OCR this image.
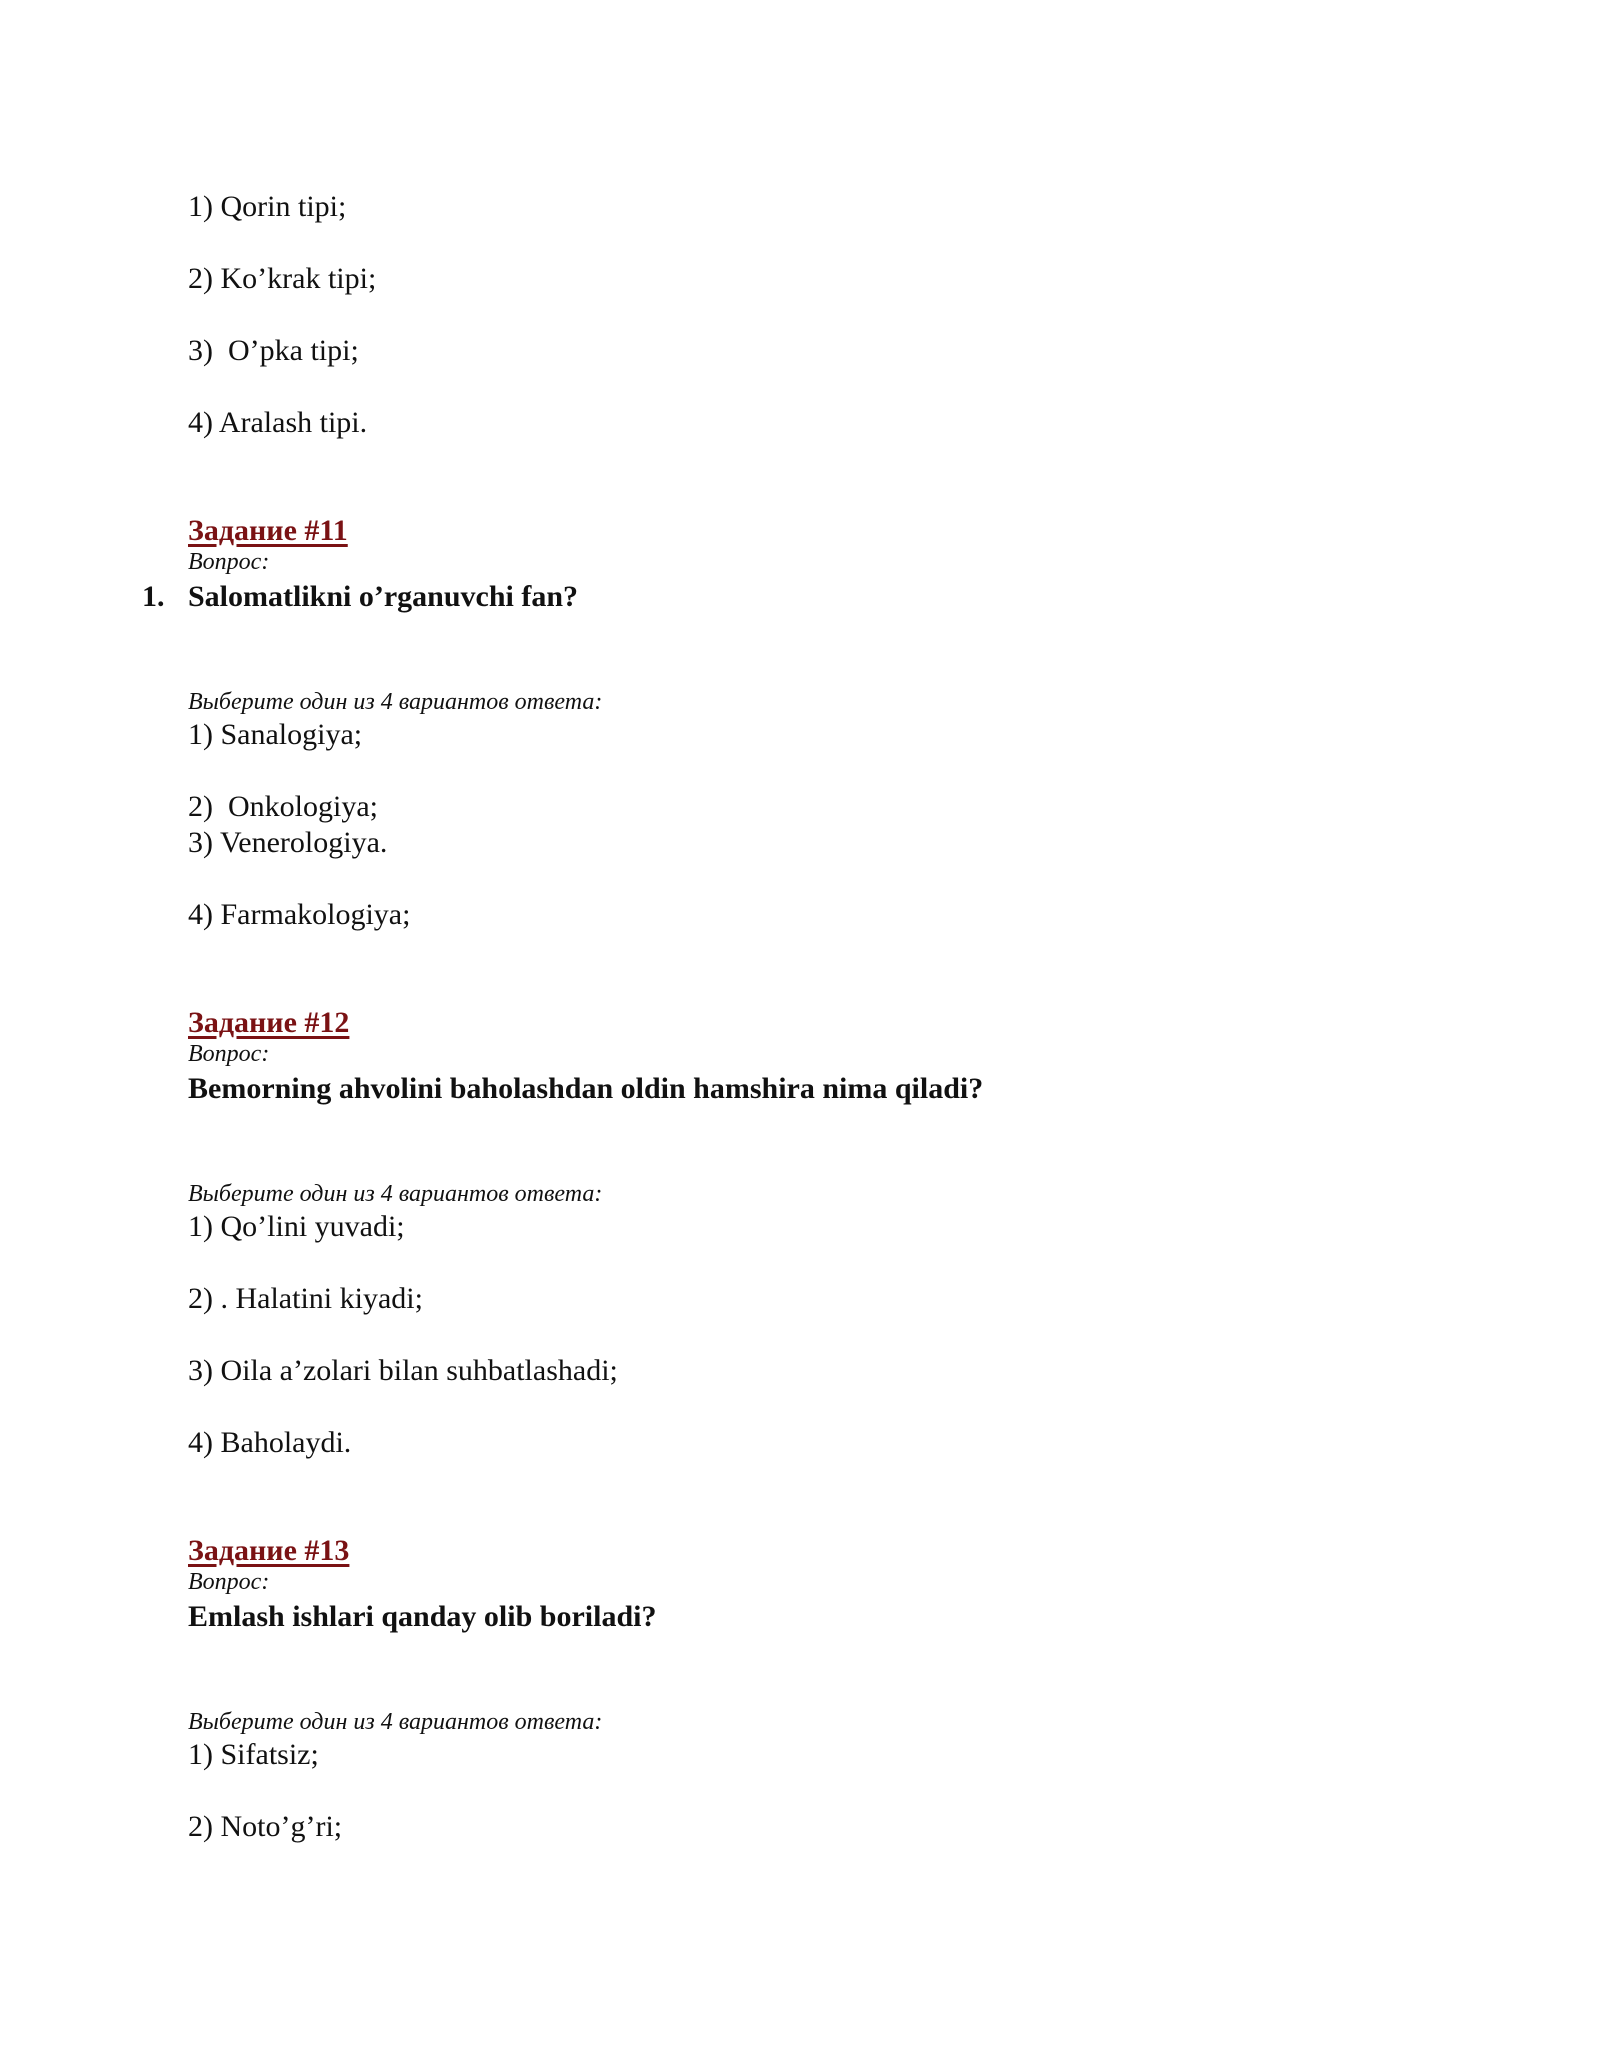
1) Qorin tipi;
2) Ko’krak tipi;
3)  O’pka tipi;
4) Aralash tipi.
Задание #11
Вопрос:
1. Salomatlikni o’rganuvchi fan?
Выберите один из 4 вариантов ответа:
1) Sanalogiya;
2)  Onkologiya;
3) Venerologiya.
4) Farmakologiya;
Задание #12
Вопрос:
Bemorning ahvolini baholashdan oldin hamshira nima qiladi?
Выберите один из 4 вариантов ответа:
1) Qo’lini yuvadi;
2) . Halatini kiyadi;
3) Oila a’zolari bilan suhbatlashadi;
4) Baholaydi.
Задание #13
Вопрос:
Emlash ishlari qanday olib boriladi?
Выберите один из 4 вариантов ответа:
1) Sifatsiz;
2) Noto’g’ri;
